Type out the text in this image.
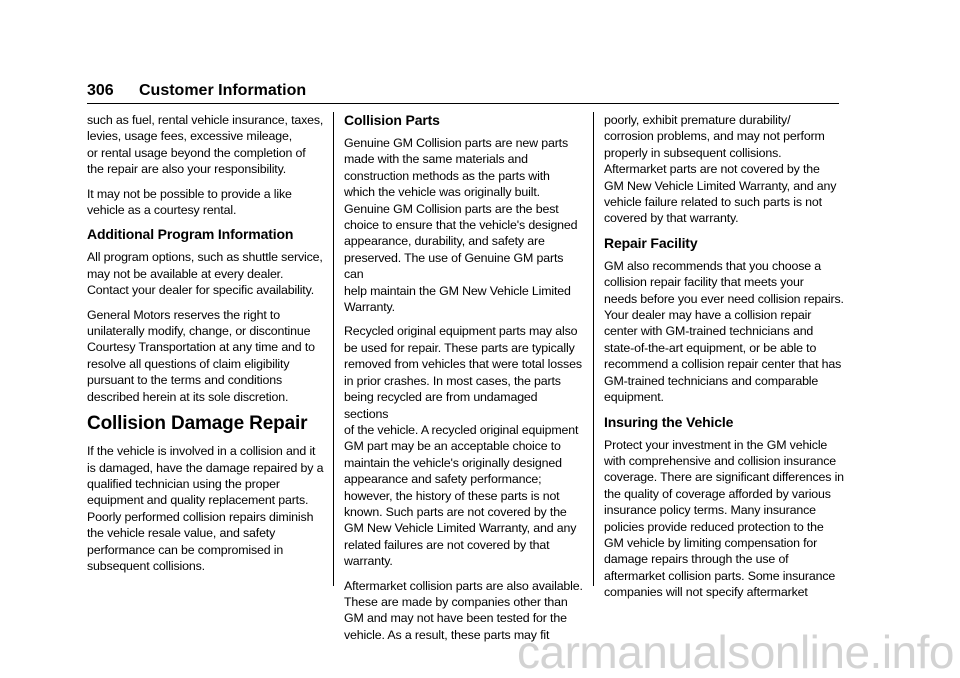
306 Customer Information

such as fuel, rental vehicle insurance, taxes,
levies, usage fees, excessive mileage,
or rental usage beyond the completion of
the repair are also your responsibility.

It may not be possible to provide a like
vehicle as a courtesy rental.

Additional Program Information

All program options, such as shuttle service,
may not be available at every dealer.
Contact your dealer for specific availability.

General Motors reserves the right to
unilaterally modify, change, or discontinue
Courtesy Transportation at any time and to
resolve all questions of claim eligibility
pursuant to the terms and conditions
described herein at its sole discretion.

Collision Damage Repair

If the vehicle is involved in a collision and it
is damaged, have the damage repaired by a
qualified technician using the proper
equipment and quality replacement parts.
Poorly performed collision repairs diminish
the vehicle resale value, and safety
performance can be compromised in
subsequent collisions.

Collision Parts

Genuine GM Collision parts are new parts
made with the same materials and
construction methods as the parts with
which the vehicle was originally built.
Genuine GM Collision parts are the best
choice to ensure that the vehicle's designed
appearance, durability, and safety are
preserved. The use of Genuine GM parts can
help maintain the GM New Vehicle Limited
Warranty.

Recycled original equipment parts may also
be used for repair. These parts are typically
removed from vehicles that were total losses
in prior crashes. In most cases, the parts
being recycled are from undamaged sections
of the vehicle. A recycled original equipment
GM part may be an acceptable choice to
maintain the vehicle's originally designed
appearance and safety performance;
however, the history of these parts is not
known. Such parts are not covered by the
GM New Vehicle Limited Warranty, and any
related failures are not covered by that
warranty.

Aftermarket collision parts are also available.
These are made by companies other than
GM and may not have been tested for the
vehicle. As a result, these parts may fit

poorly, exhibit premature durability/
corrosion problems, and may not perform
properly in subsequent collisions.
Aftermarket parts are not covered by the
GM New Vehicle Limited Warranty, and any
vehicle failure related to such parts is not
covered by that warranty.

Repair Facility

GM also recommends that you choose a
collision repair facility that meets your
needs before you ever need collision repairs.
Your dealer may have a collision repair
center with GM-trained technicians and
state-of-the-art equipment, or be able to
recommend a collision repair center that has
GM-trained technicians and comparable
equipment.

Insuring the Vehicle

Protect your investment in the GM vehicle
with comprehensive and collision insurance
coverage. There are significant differences in
the quality of coverage afforded by various
insurance policy terms. Many insurance
policies provide reduced protection to the
GM vehicle by limiting compensation for
damage repairs through the use of
aftermarket collision parts. Some insurance
companies will not specify aftermarket

carmanualsonline.info
